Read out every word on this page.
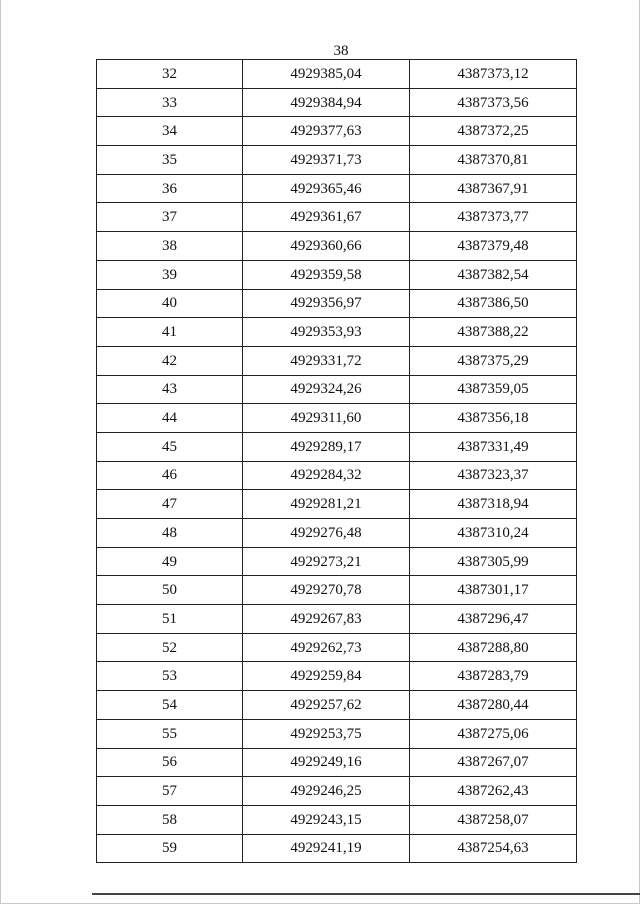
38
32	4929385,04	4387373,12
33	4929384,94	4387373,56
34	4929377,63	4387372,25
35	4929371,73	4387370,81
36	4929365,46	4387367,91
37	4929361,67	4387373,77
38	4929360,66	4387379,48
39	4929359,58	4387382,54
40	4929356,97	4387386,50
41	4929353,93	4387388,22
42	4929331,72	4387375,29
43	4929324,26	4387359,05
44	4929311,60	4387356,18
45	4929289,17	4387331,49
46	4929284,32	4387323,37
47	4929281,21	4387318,94
48	4929276,48	4387310,24
49	4929273,21	4387305,99
50	4929270,78	4387301,17
51	4929267,83	4387296,47
52	4929262,73	4387288,80
53	4929259,84	4387283,79
54	4929257,62	4387280,44
55	4929253,75	4387275,06
56	4929249,16	4387267,07
57	4929246,25	4387262,43
58	4929243,15	4387258,07
59	4929241,19	4387254,63
